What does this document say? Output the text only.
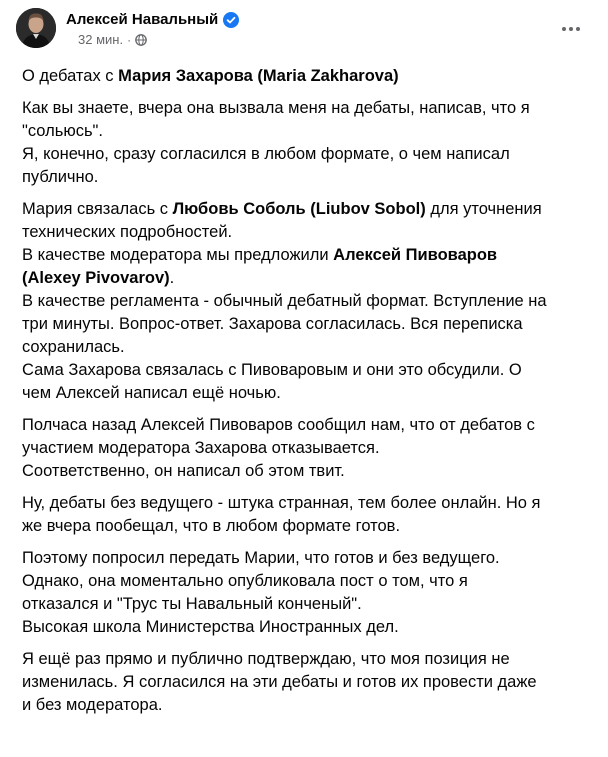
Алексей Навальный
32 мин. ·
О дебатах с Мария Захарова (Maria Zakharova)
Как вы знаете, вчера она вызвала меня на дебаты, написав, что я
"сольюсь".
Я, конечно, сразу согласился в любом формате, о чем написал
публично.
Мария связалась с Любовь Соболь (Liubov Sobol) для уточнения
технических подробностей.
В качестве модератора мы предложили Алексей Пивоваров
(Alexey Pivovarov).
В качестве регламента - обычный дебатный формат. Вступление на
три минуты. Вопрос-ответ. Захарова согласилась. Вся переписка
сохранилась.
Сама Захарова связалась с Пивоваровым и они это обсудили. О
чем Алексей написал ещё ночью.
Полчаса назад Алексей Пивоваров сообщил нам, что от дебатов с
участием модератора Захарова отказывается.
Соответственно, он написал об этом твит.
Ну, дебаты без ведущего - штука странная, тем более онлайн. Но я
же вчера пообещал, что в любом формате готов.
Поэтому попросил передать Марии, что готов и без ведущего.
Однако, она моментально опубликовала пост о том, что я
отказался и "Трус ты Навальный конченый".
Высокая школа Министерства Иностранных дел.
Я ещё раз прямо и публично подтверждаю, что моя позиция не
изменилась. Я согласился на эти дебаты и готов их провести даже
и без модератора.
